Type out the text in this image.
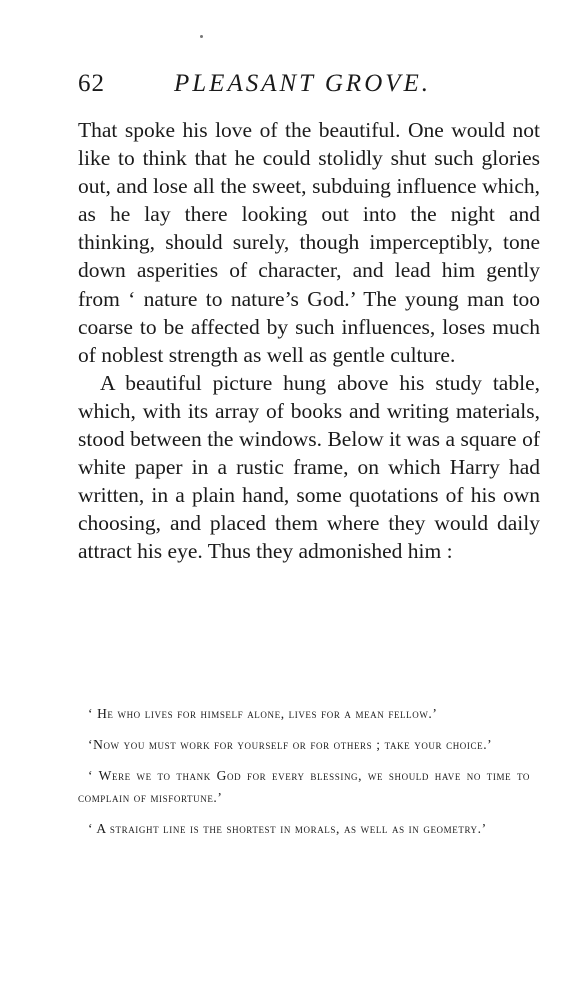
62	PLEASANT GROVE.

That spoke his love of the beautiful. One would not like to think that he could stolidly shut such glories out, and lose all the sweet, subduing influence which, as he lay there looking out into the night and thinking, should surely, though imperceptibly, tone down asperities of character, and lead him gently from ‘ nature to nature’s God.’ The young man too coarse to be affected by such influences, loses much of noblest strength as well as gentle culture.

A beautiful picture hung above his study table, which, with its array of books and writing materials, stood between the windows. Below it was a square of white paper in a rustic frame, on which Harry had written, in a plain hand, some quotations of his own choosing, and placed them where they would daily attract his eye. Thus they admonished him :

‘ He who lives for himself alone, lives for a mean fellow.’

‘Now you must work for yourself or for others ; take your choice.’

‘ Were we to thank God for every blessing, we should have no time to complain of misfortune.’

‘ A straight line is the shortest in morals, as well as in geometry.’
